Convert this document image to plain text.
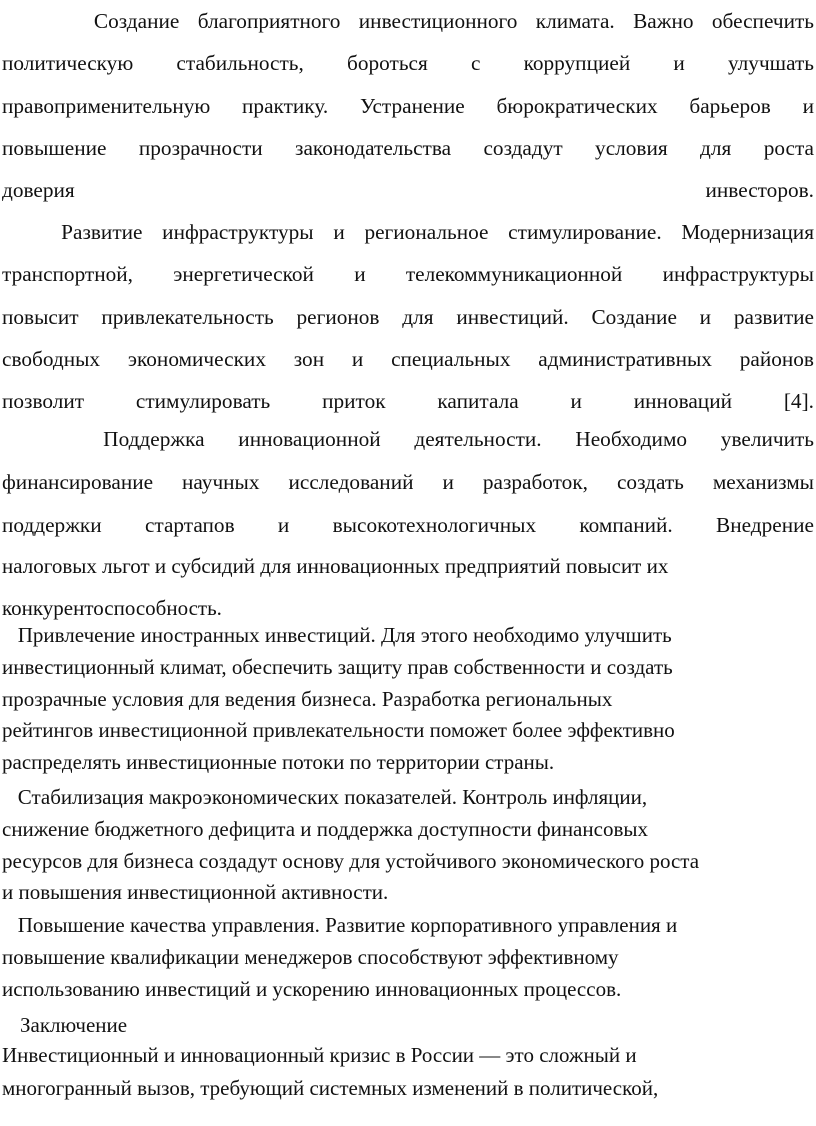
Создание благоприятного инвестиционного климата. Важно обеспечить
политическую стабильность, бороться с коррупцией и улучшать
правоприменительную практику. Устранение бюрократических барьеров и
повышение прозрачности законодательства создадут условия для роста
доверия инвесторов.
Развитие инфраструктуры и региональное стимулирование. Модернизация
транспортной, энергетической и телекоммуникационной инфраструктуры
повысит привлекательность регионов для инвестиций. Создание и развитие
свободных экономических зон и специальных административных районов
позволит стимулировать приток капитала и инноваций [4].
Поддержка инновационной деятельности. Необходимо увеличить
финансирование научных исследований и разработок, создать механизмы
поддержки стартапов и высокотехнологичных компаний. Внедрение
налоговых льгот и субсидий для инновационных предприятий повысит их
конкурентоспособность.
Привлечение иностранных инвестиций. Для этого необходимо улучшить
инвестиционный климат, обеспечить защиту прав собственности и создать
прозрачные условия для ведения бизнеса. Разработка региональных
рейтингов инвестиционной привлекательности поможет более эффективно
распределять инвестиционные потоки по территории страны.
Стабилизация макроэкономических показателей. Контроль инфляции,
снижение бюджетного дефицита и поддержка доступности финансовых
ресурсов для бизнеса создадут основу для устойчивого экономического роста
и повышения инвестиционной активности.
Повышение качества управления. Развитие корпоративного управления и
повышение квалификации менеджеров способствуют эффективному
использованию инвестиций и ускорению инновационных процессов.
Заключение
Инвестиционный и инновационный кризис в России — это сложный и
многогранный вызов, требующий системных изменений в политической,
